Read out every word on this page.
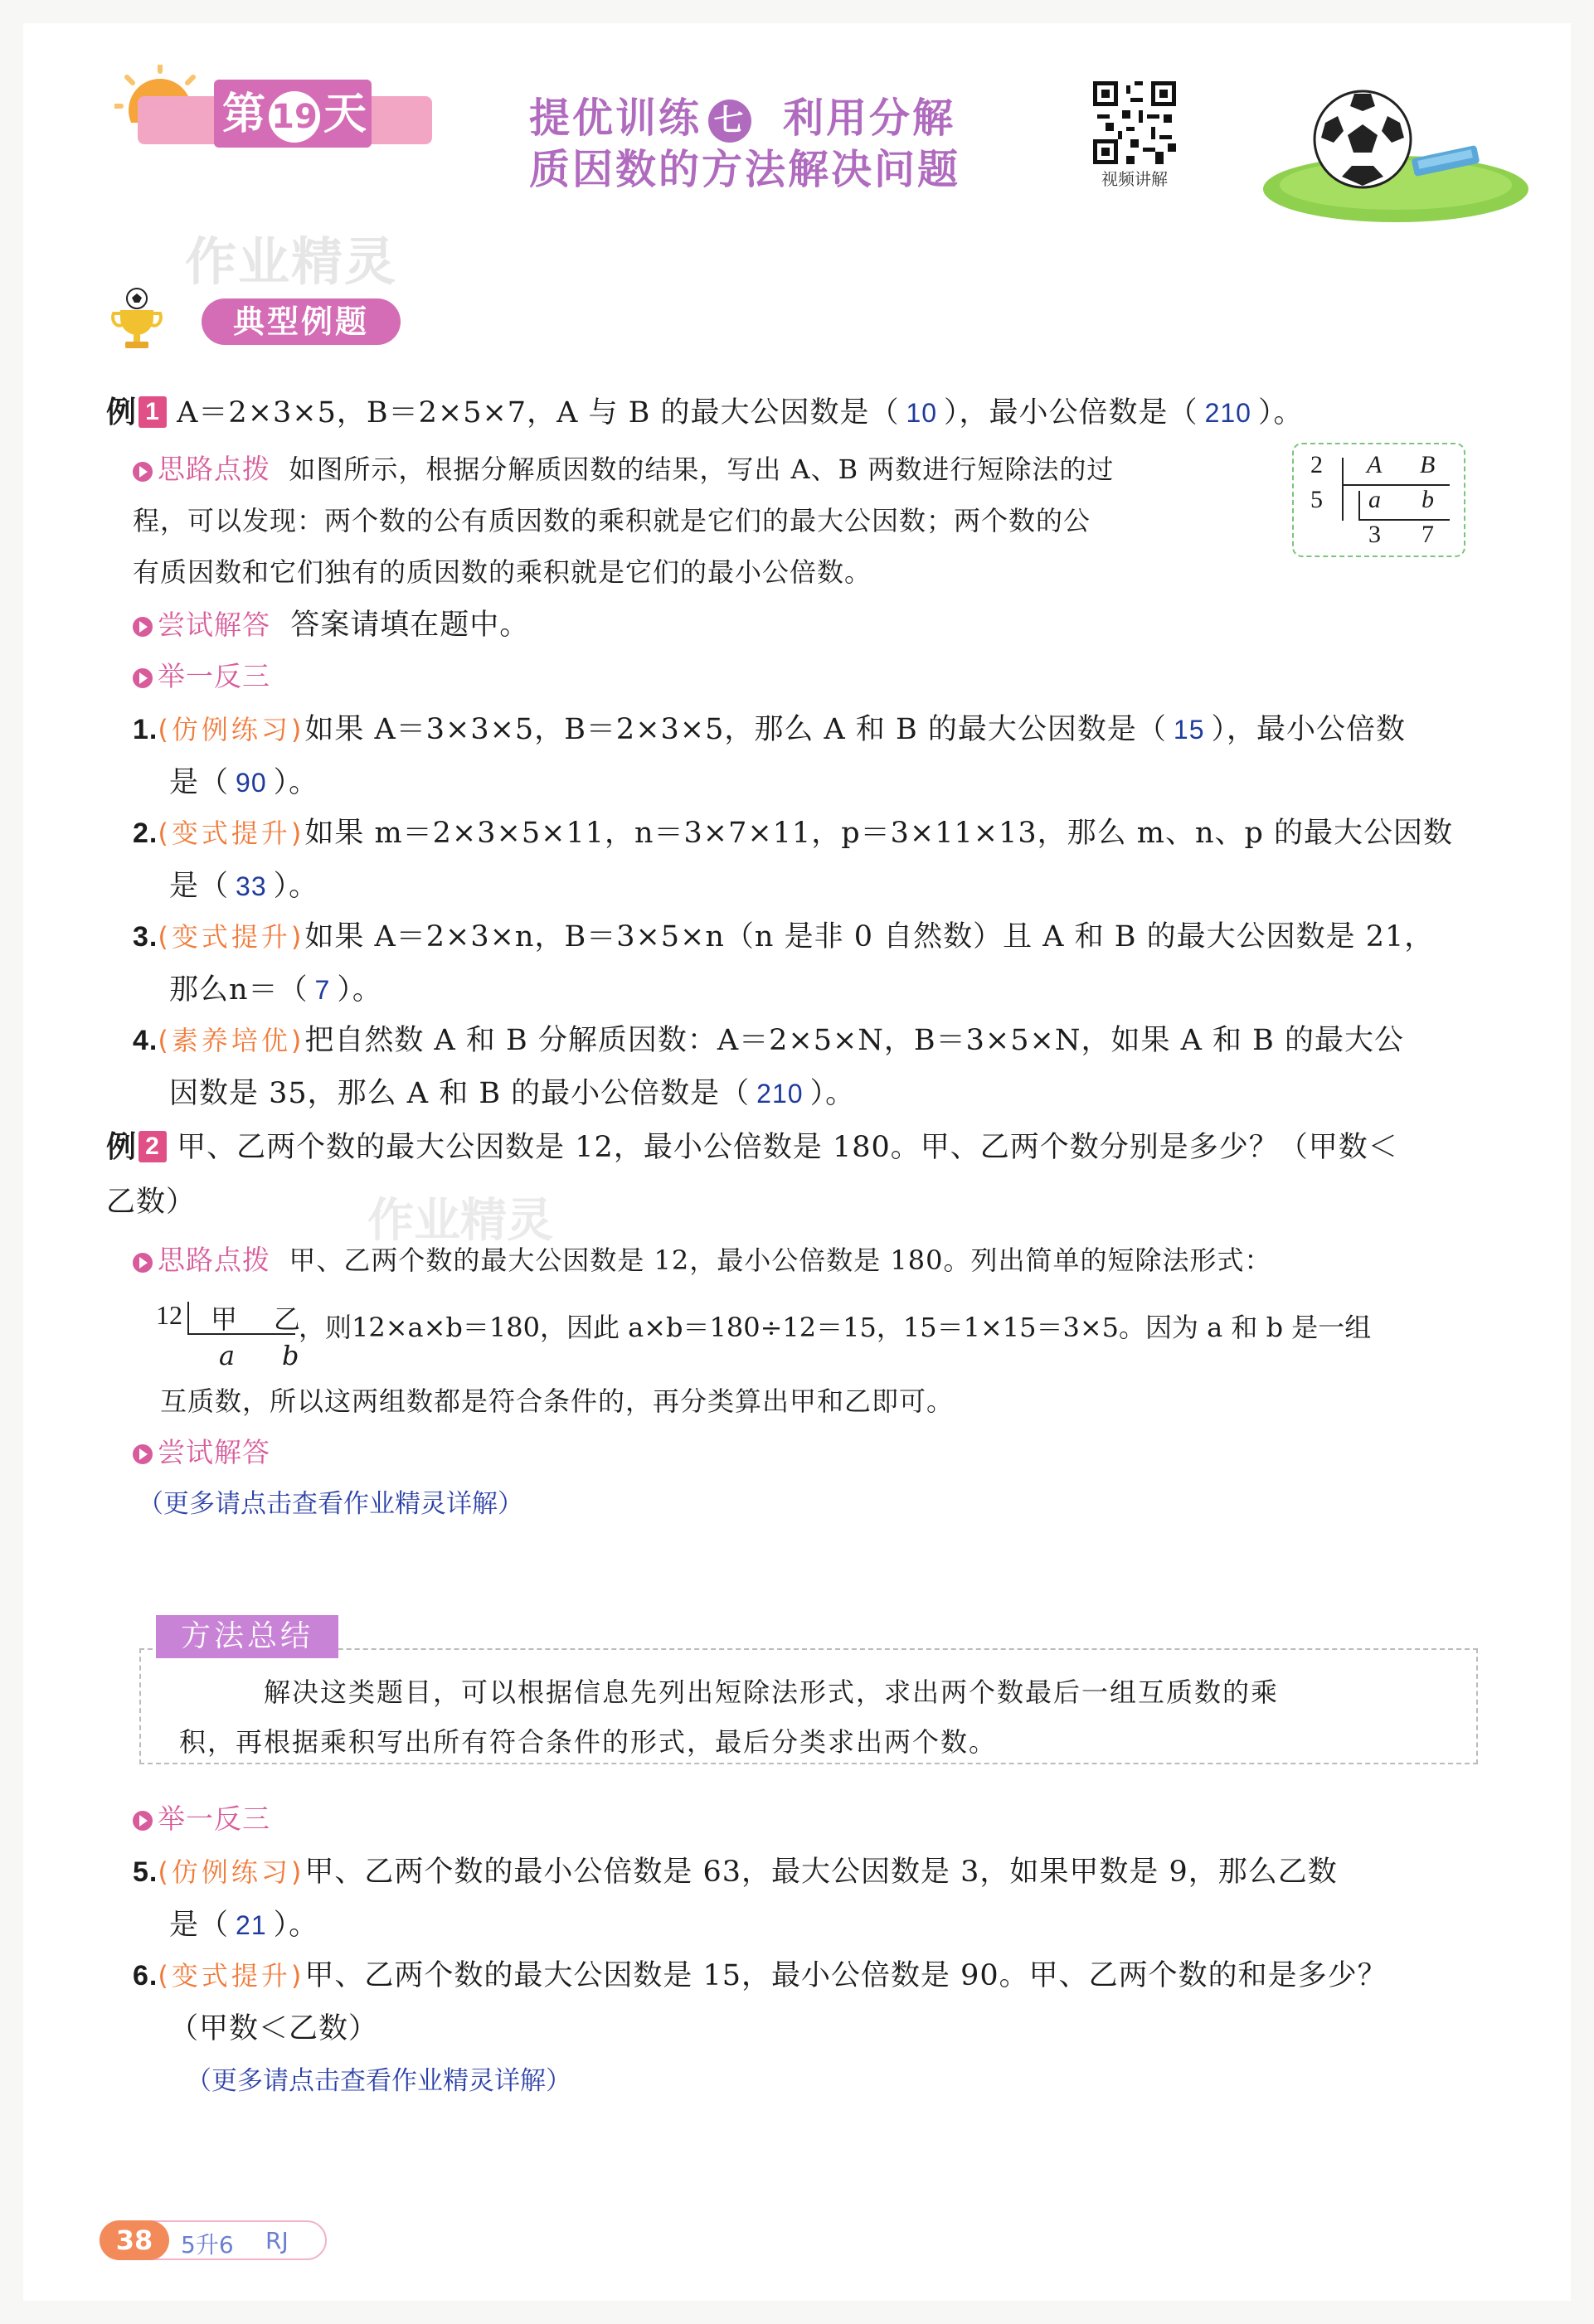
第 19 天	提优训练 七 利用分解
质因数的方法解决问题	视频讲解
作业精灵
典型例题
例 1 A＝2×3×5，B＝2×5×7，A 与 B 的最大公因数是（ 10 ），最小公倍数是（ 210 ）。
思路点拨 如图所示，根据分解质因数的结果，写出 A、B 两数进行短除法的过
程，可以发现：两个数的公有质因数的乘积就是它们的最大公因数；两个数的公
有质因数和它们独有的质因数的乘积就是它们的最小公倍数。
2
5
A B
a b
3 7
尝试解答 答案请填在题中。
举一反三
1.(仿例练习)如果 A＝3×3×5，B＝2×3×5，那么 A 和 B 的最大公因数是（ 15 ），最小公倍数
是（ 90 ）。
2.(变式提升)如果 m＝2×3×5×11，n＝3×7×11，p＝3×11×13，那么 m、n、p 的最大公因数
是（ 33 ）。
3.(变式提升)如果 A＝2×3×n，B＝3×5×n（n 是非 0 自然数）且 A 和 B 的最大公因数是 21，
那么n＝（ 7 ）。
4.(素养培优)把自然数 A 和 B 分解质因数：A＝2×5×N，B＝3×5×N，如果 A 和 B 的最大公
因数是 35，那么 A 和 B 的最小公倍数是（ 210 ）。
例 2 甲、乙两个数的最大公因数是 12，最小公倍数是 180。甲、乙两个数分别是多少？（甲数＜
乙数）	作业精灵
思路点拨 甲、乙两个数的最大公因数是 12，最小公倍数是 180。列出简单的短除法形式：
12 甲 乙
a b
，则12×a×b＝180，因此 a×b＝180÷12＝15，15＝1×15＝3×5。因为 a 和 b 是一组
互质数，所以这两组数都是符合条件的，再分类算出甲和乙即可。
尝试解答
（更多请点击查看作业精灵详解）
方法总结
解决这类题目，可以根据信息先列出短除法形式，求出两个数最后一组互质数的乘
积，再根据乘积写出所有符合条件的形式，最后分类求出两个数。
举一反三
5.(仿例练习)甲、乙两个数的最小公倍数是 63，最大公因数是 3，如果甲数是 9，那么乙数
是（ 21 ）。
6.(变式提升)甲、乙两个数的最大公因数是 15，最小公倍数是 90。甲、乙两个数的和是多少？
（甲数＜乙数）
（更多请点击查看作业精灵详解）
38	5升6 RJ
